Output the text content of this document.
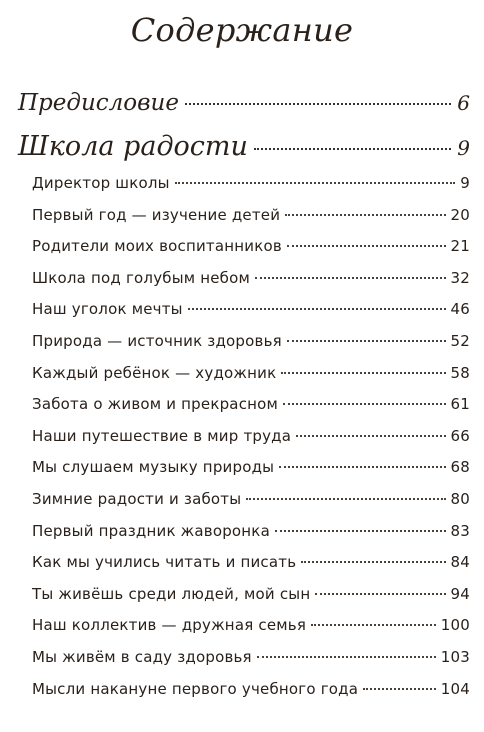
Содержание
Предисловие	6
Школа радости	9
Директор школы	9
Первый год — изучение детей	20
Родители моих воспитанников	21
Школа под голубым небом	32
Наш уголок мечты	46
Природа — источник здоровья	52
Каждый ребёнок — художник	58
Забота о живом и прекрасном	61
Наши путешествие в мир труда	66
Мы слушаем музыку природы	68
Зимние радости и заботы	80
Первый праздник жаворонка	83
Как мы учились читать и писать	84
Ты живёшь среди людей, мой сын	94
Наш коллектив — дружная семья	100
Мы живём в саду здоровья	103
Мысли накануне первого учебного года	104
